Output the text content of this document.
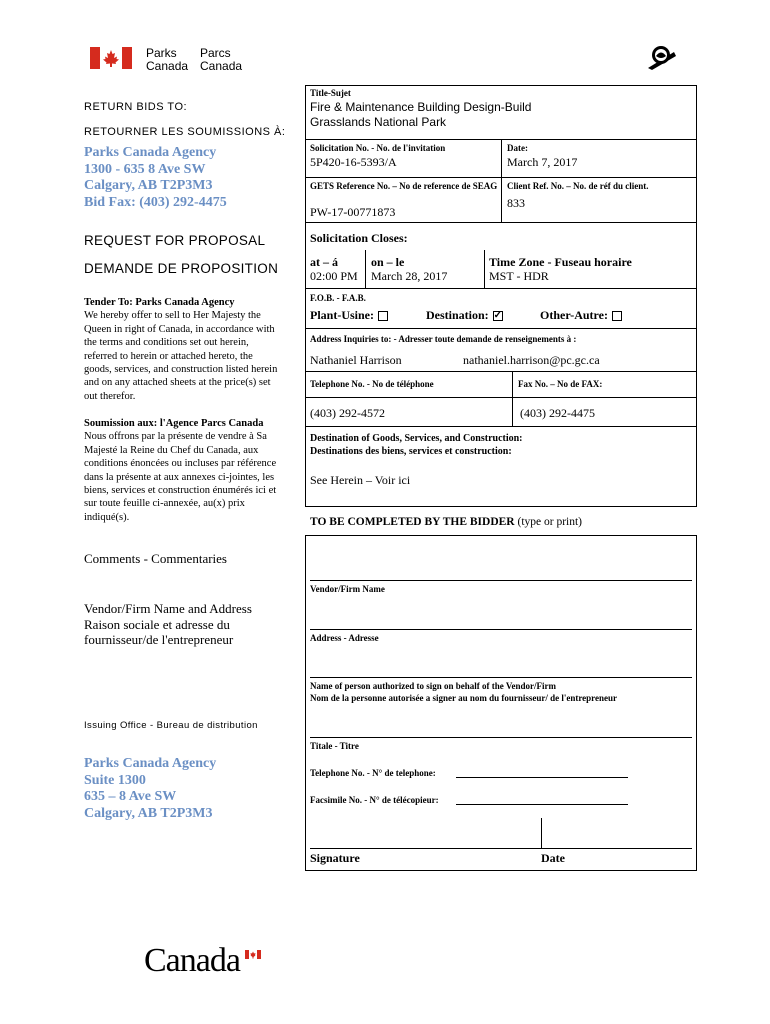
Parks
Canada
Parcs
Canada
RETURN BIDS TO:
RETOURNER LES SOUMISSIONS À:
Parks Canada Agency
1300 - 635 8 Ave SW
Calgary, AB T2P3M3
Bid Fax: (403) 292-4475
REQUEST FOR PROPOSAL
DEMANDE DE PROPOSITION
Tender To: Parks Canada Agency
We hereby offer to sell to Her Majesty the
Queen in right of Canada, in accordance with
the terms and conditions set out herein,
referred to herein or attached hereto, the
goods, services, and construction listed herein
and on any attached sheets at the price(s) set
out therefor.
Soumission aux: l'Agence Parcs Canada
Nous offrons par la présente de vendre à Sa
Majesté la Reine du Chef du Canada, aux
conditions énoncées ou incluses par référence
dans la présente at aux annexes ci-jointes, les
biens, services et construction énumérés ici et
sur toute feuille ci-annexée, au(x) prix
indiqué(s).
Comments - Commentaries
Vendor/Firm Name and Address
Raison sociale et adresse du
fournisseur/de l'entrepreneur
Issuing Office - Bureau de distribution
Parks Canada Agency
Suite 1300
635 – 8 Ave SW
Calgary, AB T2P3M3
Title-Sujet
Fire & Maintenance Building Design-Build
Grasslands National Park
Solicitation No. - No. de l'invitation
5P420-16-5393/A
Date:
March 7, 2017
GETS Reference No. – No de reference de SEAG
PW-17-00771873
Client Ref. No. – No. de réf du client.
833
Solicitation Closes:
at – á
02:00 PM
on – le
March 28, 2017
Time Zone - Fuseau horaire
MST - HDR
F.O.B. - F.A.B.
Plant-Usine:	Destination: ✓	Other-Autre:
Address Inquiries to: - Adresser toute demande de renseignements à :
Nathaniel Harrison	nathaniel.harrison@pc.gc.ca
Telephone No. - No de téléphone	Fax No. – No de FAX:
(403) 292-4572	(403) 292-4475
Destination of Goods, Services, and Construction:
Destinations des biens, services et construction:
See Herein – Voir ici
TO BE COMPLETED BY THE BIDDER (type or print)
Vendor/Firm Name
Address - Adresse
Name of person authorized to sign on behalf of the Vendor/Firm
Nom de la personne autorisée a signer au nom du fournisseur/ de l'entrepreneur
Titale - Titre
Telephone No. - N° de telephone:
Facsimile No. - N° de télécopieur:
Signature	Date
Canada
